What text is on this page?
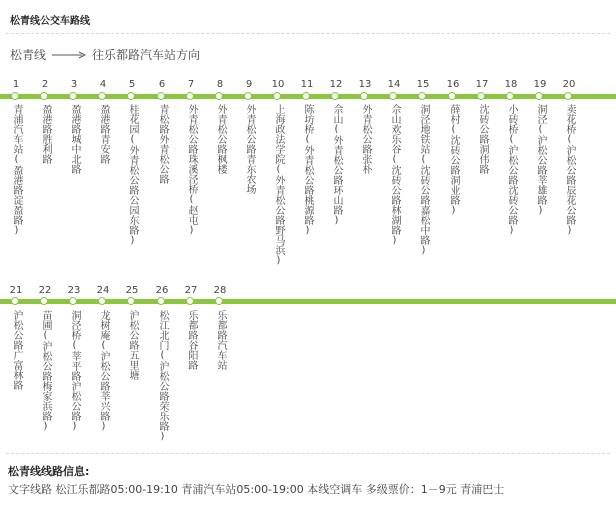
松青线公交车路线
松青线	往乐都路汽车站方向
1
青浦汽车站(盈港路淀盈路)
2
盈港路胜利路
3
盈港路城中北路
4
盈港路青安路
5
桂花园(外青松公路公园东路)
6
青松路外青松公路
7
外青松公路珠溪泾桥(赵屯)
8
外青松公路枫楼
9
外青松公路青东农场
10
上海政法学院(外青松公路野马浜)
11
陈坊桥(外青松公路桃源路)
12
佘山(外青松公路环山路)
13
外青松公路张朴
14
佘山欢乐谷(沈砖公路林湖路)
15
洞泾地铁站(沈砖公路嘉松中路)
16
薛村(沈砖公路洞业路)
17
沈砖公路洞伟路
18
小砖桥(沪松公路沈砖公路)
19
洞泾(沪松公路莘雄路)
20
卖花桥(沪松公路辰花公路)
21
沪松公路广富林路
22
苗圃(沪松公路梅家浜路)
23
洞泾桥(莘平路沪松公路)
24
龙树庵(沪松公路莘兴路)
25
沪松公路五里塘
26
松江北门(沪松公路荣乐路)
27
乐都路谷阳路
28
乐都路汽车站
松青线线路信息:
文字线路 松江乐都路05:00-19:10 青浦汽车站05:00-19:00 本线空调车 多级票价：1－9元 青浦巴士
